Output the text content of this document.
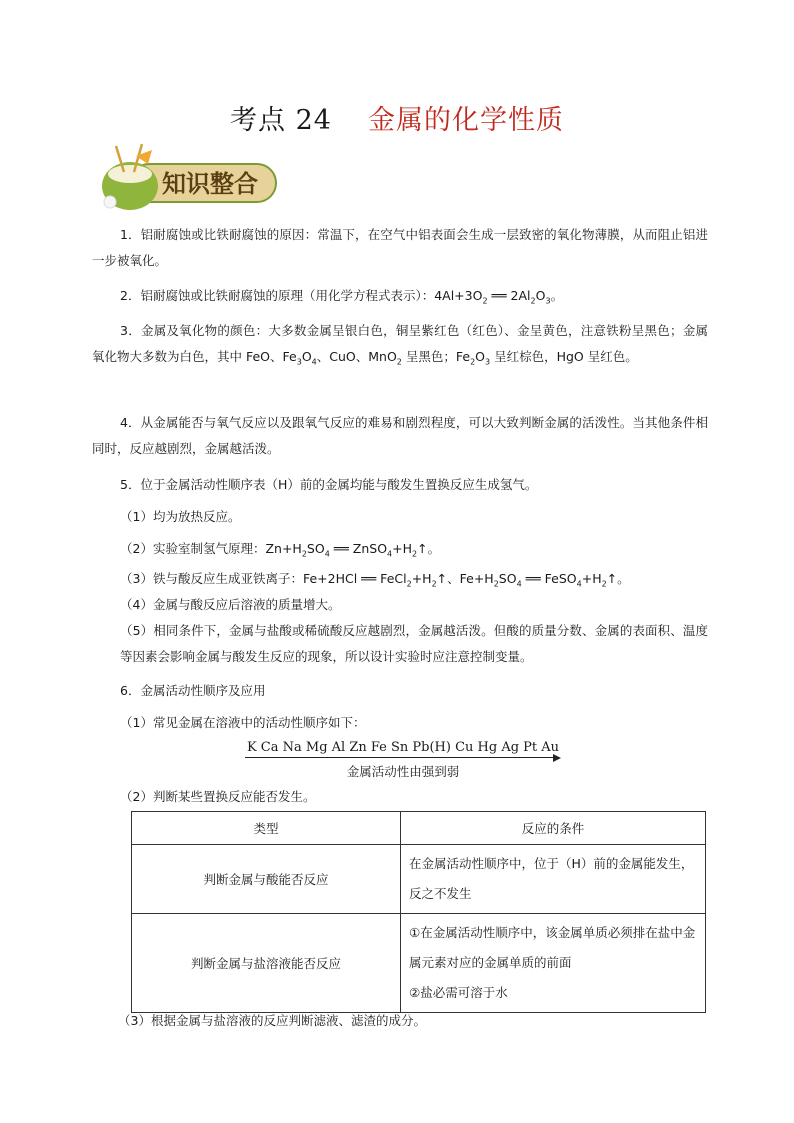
考点 24 金属的化学性质
知识整合
1．铝耐腐蚀或比铁耐腐蚀的原因：常温下，在空气中铝表面会生成一层致密的氧化物薄膜，从而阻止铝进一步被氧化。
2．铝耐腐蚀或比铁耐腐蚀的原理（用化学方程式表示）：$4Al+3O_2$ ══ $2Al_2O_3$。
3．金属及氧化物的颜色：大多数金属呈银白色，铜呈紫红色（红色）、金呈黄色，注意铁粉呈黑色；金属氧化物大多数为白色，其中 FeO、$Fe_3O_4$、CuO、MnO$_2$ 呈黑色；$Fe_2O_3$ 呈红棕色，HgO 呈红色。
4．从金属能否与氧气反应以及跟氧气反应的难易和剧烈程度，可以大致判断金属的活泼性。当其他条件相同时，反应越剧烈，金属越活泼。
5．位于金属活动性顺序表（H）前的金属均能与酸发生置换反应生成氢气。
（1）均为放热反应。
（2）实验室制氢气原理：$Zn+H_2SO_4$ ══ $ZnSO_4+H_2↑$。
（3）铁与酸反应生成亚铁离子：Fe+2HCl ══ $FeCl_2+H_2↑$、$Fe+H_2SO_4$ ══ $FeSO_4+H_2↑$。
（4）金属与酸反应后溶液的质量增大。
（5）相同条件下，金属与盐酸或稀硫酸反应越剧烈，金属越活泼。但酸的质量分数、金属的表面积、温度等因素会影响金属与酸发生反应的现象，所以设计实验时应注意控制变量。
6．金属活动性顺序及应用
（1）常见金属在溶液中的活动性顺序如下：
K Ca Na Mg Al Zn Fe Sn Pb(H) Cu Hg Ag Pt Au
金属活动性由强到弱
（2）判断某些置换反应能否发生。
类型	反应的条件
判断金属与酸能否反应	在金属活动性顺序中，位于（H）前的金属能发生，反之不发生
判断金属与盐溶液能否反应	①在金属活动性顺序中，该金属单质必须排在盐中金属元素对应的金属单质的前面
②盐必需可溶于水
（3）根据金属与盐溶液的反应判断滤液、滤渣的成分。
